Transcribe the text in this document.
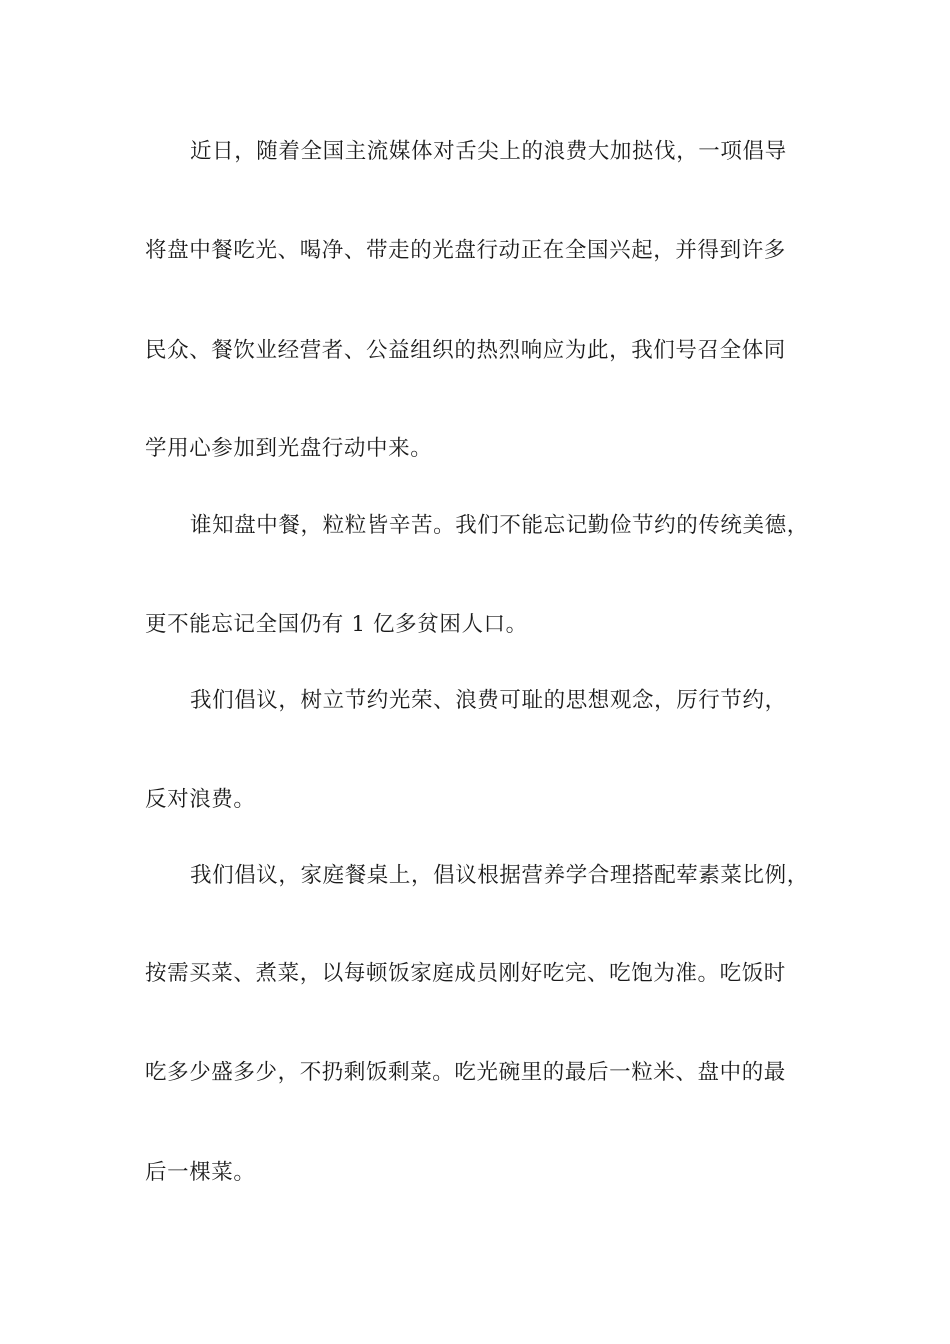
近日，随着全国主流媒体对舌尖上的浪费大加挞伐，一项倡导

将盘中餐吃光、喝净、带走的光盘行动正在全国兴起，并得到许多

民众、餐饮业经营者、公益组织的热烈响应为此，我们号召全体同

学用心参加到光盘行动中来。

谁知盘中餐，粒粒皆辛苦。我们不能忘记勤俭节约的传统美德，

更不能忘记全国仍有 1 亿多贫困人口。

我们倡议，树立节约光荣、浪费可耻的思想观念，厉行节约，

反对浪费。

我们倡议，家庭餐桌上，倡议根据营养学合理搭配荤素菜比例，

按需买菜、煮菜，以每顿饭家庭成员刚好吃完、吃饱为准。吃饭时

吃多少盛多少，不扔剩饭剩菜。吃光碗里的最后一粒米、盘中的最

后一棵菜。
